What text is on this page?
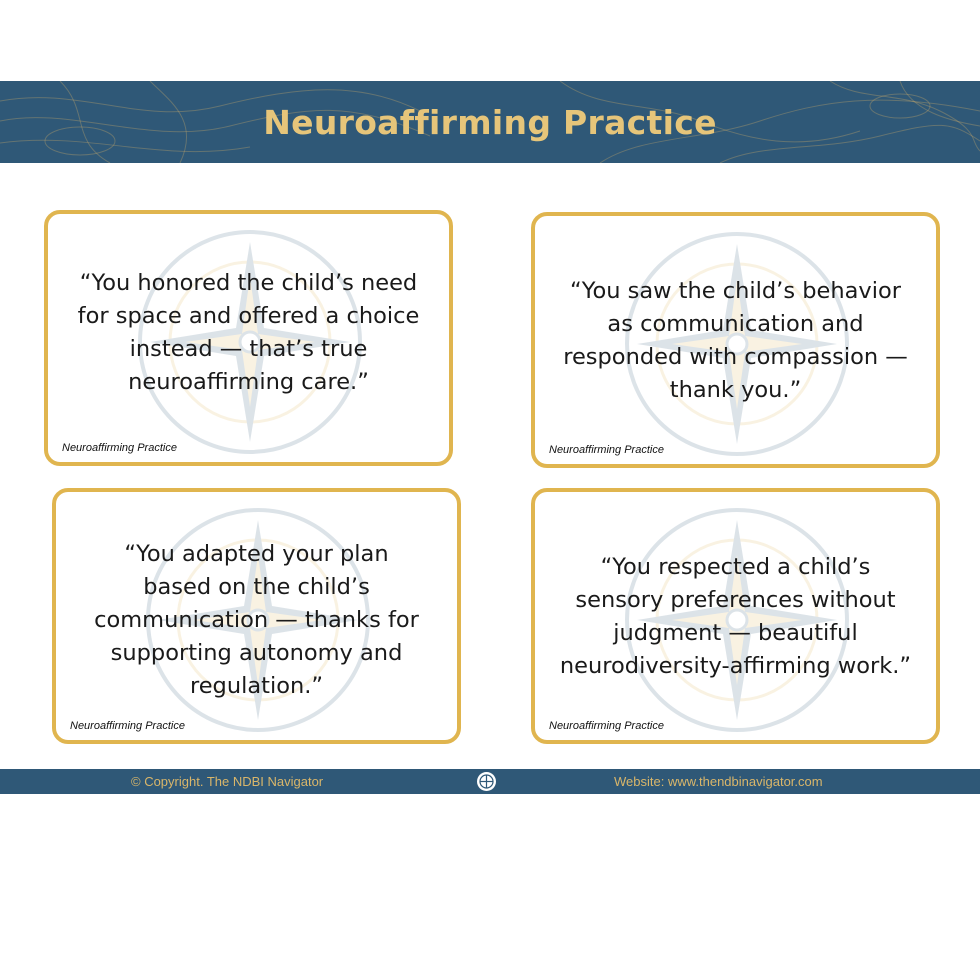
Neuroaffirming Practice
“You honored the child’s need
for space and offered a choice
instead — that’s true
neuroaffirming care.”
Neuroaffirming Practice
“You saw the child’s behavior
as communication and
responded with compassion —
thank you.”
Neuroaffirming Practice
“You adapted your plan
based on the child’s
communication — thanks for
supporting autonomy and
regulation.”
Neuroaffirming Practice
“You respected a child’s
sensory preferences without
judgment — beautiful
neurodiversity-affirming work.”
Neuroaffirming Practice
© Copyright. The NDBI Navigator	Website: www.thendbinavigator.com
